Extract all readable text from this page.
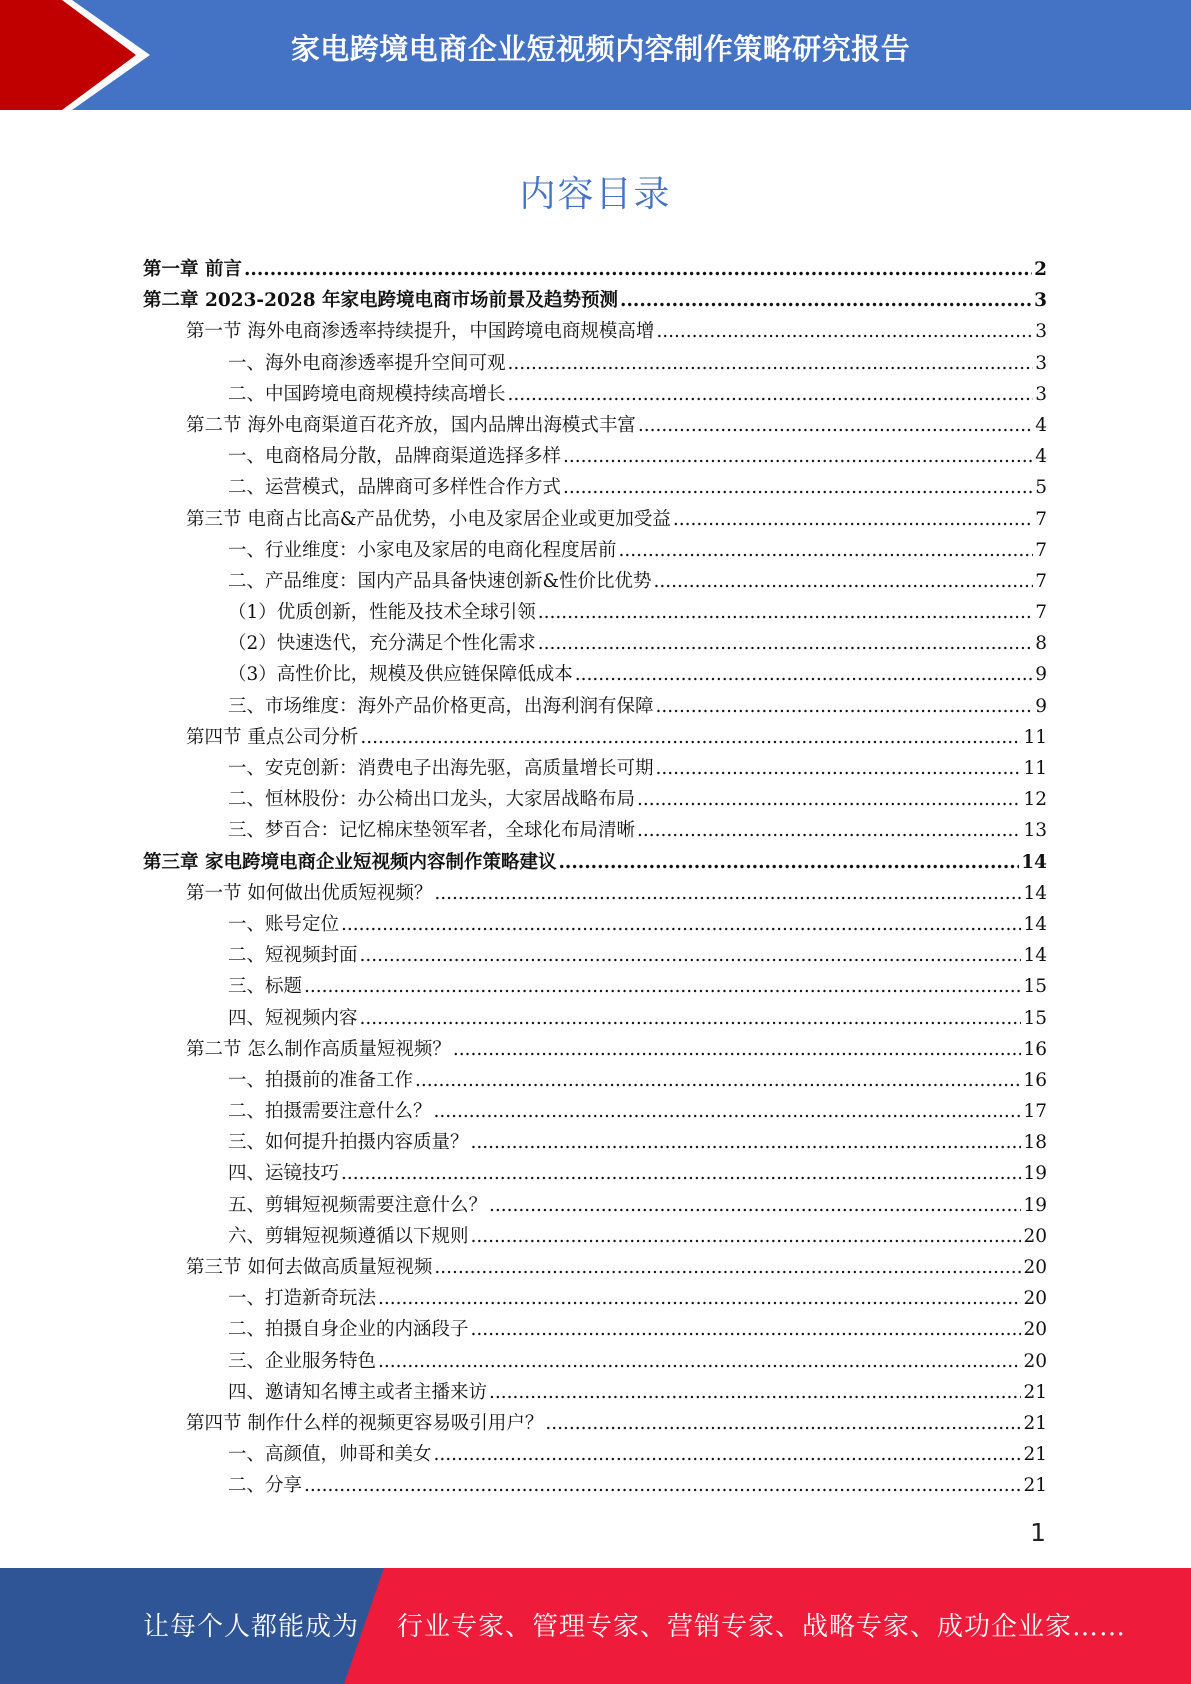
家电跨境电商企业短视频内容制作策略研究报告
内容目录
第一章 前言 .....	2
第二章 2023-2028 年家电跨境电商市场前景及趋势预测 .....	3
第一节 海外电商渗透率持续提升，中国跨境电商规模高增 .....	3
一、海外电商渗透率提升空间可观 .....	3
二、中国跨境电商规模持续高增长 .....	3
第二节 海外电商渠道百花齐放，国内品牌出海模式丰富 .....	4
一、电商格局分散，品牌商渠道选择多样 .....	4
二、运营模式，品牌商可多样性合作方式 .....	5
第三节 电商占比高&产品优势，小电及家居企业或更加受益 .....	7
一、行业维度：小家电及家居的电商化程度居前 .....	7
二、产品维度：国内产品具备快速创新&性价比优势 .....	7
（1）优质创新，性能及技术全球引领 .....	7
（2）快速迭代，充分满足个性化需求 .....	8
（3）高性价比，规模及供应链保障低成本 .....	9
三、市场维度：海外产品价格更高，出海利润有保障 .....	9
第四节 重点公司分析 .....	11
一、安克创新：消费电子出海先驱，高质量增长可期 .....	11
二、恒林股份：办公椅出口龙头，大家居战略布局 .....	12
三、梦百合：记忆棉床垫领军者，全球化布局清晰 .....	13
第三章 家电跨境电商企业短视频内容制作策略建议 .....	14
第一节 如何做出优质短视频？ .....	14
一、账号定位 .....	14
二、短视频封面 .....	14
三、标题 .....	15
四、短视频内容 .....	15
第二节 怎么制作高质量短视频？ .....	16
一、拍摄前的准备工作 .....	16
二、拍摄需要注意什么？ .....	17
三、如何提升拍摄内容质量？ .....	18
四、运镜技巧 .....	19
五、剪辑短视频需要注意什么？ .....	19
六、剪辑短视频遵循以下规则 .....	20
第三节 如何去做高质量短视频 .....	20
一、打造新奇玩法 .....	20
二、拍摄自身企业的内涵段子 .....	20
三、企业服务特色 .....	20
四、邀请知名博主或者主播来访 .....	21
第四节 制作什么样的视频更容易吸引用户？ .....	21
一、高颜值，帅哥和美女 .....	21
二、分享 .....	21
1
让每个人都能成为 行业专家、管理专家、营销专家、战略专家、成功企业家……
